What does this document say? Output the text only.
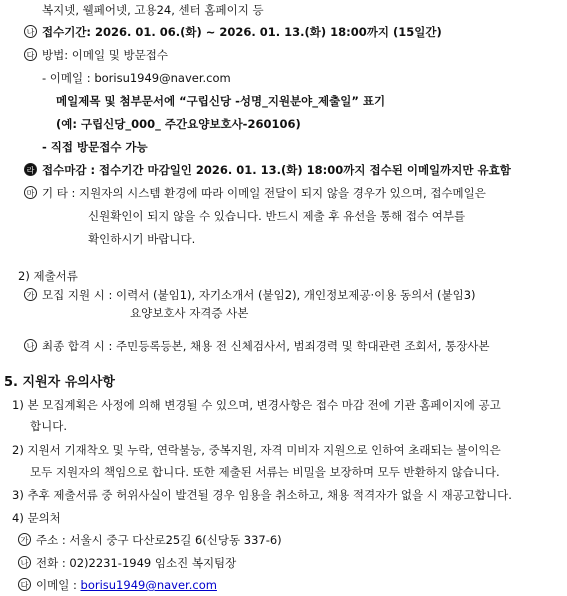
복지넷, 웰페어넷, 고용24, 센터 홈페이지 등
나 접수기간: 2026. 01. 06.(화) ~ 2026. 01. 13.(화) 18:00까지 (15일간)
다 방법: 이메일 및 방문접수
- 이메일 : borisu1949@naver.com
메일제목 및 첨부문서에 “구립신당 -성명_지원분야_제출일” 표기
(예: 구립신당_000_ 주간요양보호사-260106)
- 직접 방문접수 가능
라 접수마감 : 접수기간 마감일인 2026. 01. 13.(화) 18:00까지 접수된 이메일까지만 유효함
마 기 타 : 지원자의 시스템 환경에 따라 이메일 전달이 되지 않을 경우가 있으며, 접수메일은
신원확인이 되지 않을 수 있습니다. 반드시 제출 후 유선을 통해 접수 여부를
확인하시기 바랍니다.
2) 제출서류
가 모집 지원 시 : 이력서 (붙임1), 자기소개서 (붙임2), 개인정보제공·이용 동의서 (붙임3)
요양보호사 자격증 사본
나 최종 합격 시 : 주민등록등본, 채용 전 신체검사서, 범죄경력 및 학대관련 조회서, 통장사본
5. 지원자 유의사항
1) 본 모집계획은 사정에 의해 변경될 수 있으며, 변경사항은 접수 마감 전에 기관 홈페이지에 공고
합니다.
2) 지원서 기재착오 및 누락, 연락불능, 중복지원, 자격 미비자 지원으로 인하여 초래되는 불이익은
모두 지원자의 책임으로 합니다. 또한 제출된 서류는 비밀을 보장하며 모두 반환하지 않습니다.
3) 추후 제출서류 중 허위사실이 발견될 경우 임용을 취소하고, 채용 적격자가 없을 시 재공고합니다.
4) 문의처
가 주소 : 서울시 중구 다산로25길 6(신당동 337-6)
나 전화 : 02)2231-1949 임소진 복지팀장
다 이메일 : borisu1949@naver.com
